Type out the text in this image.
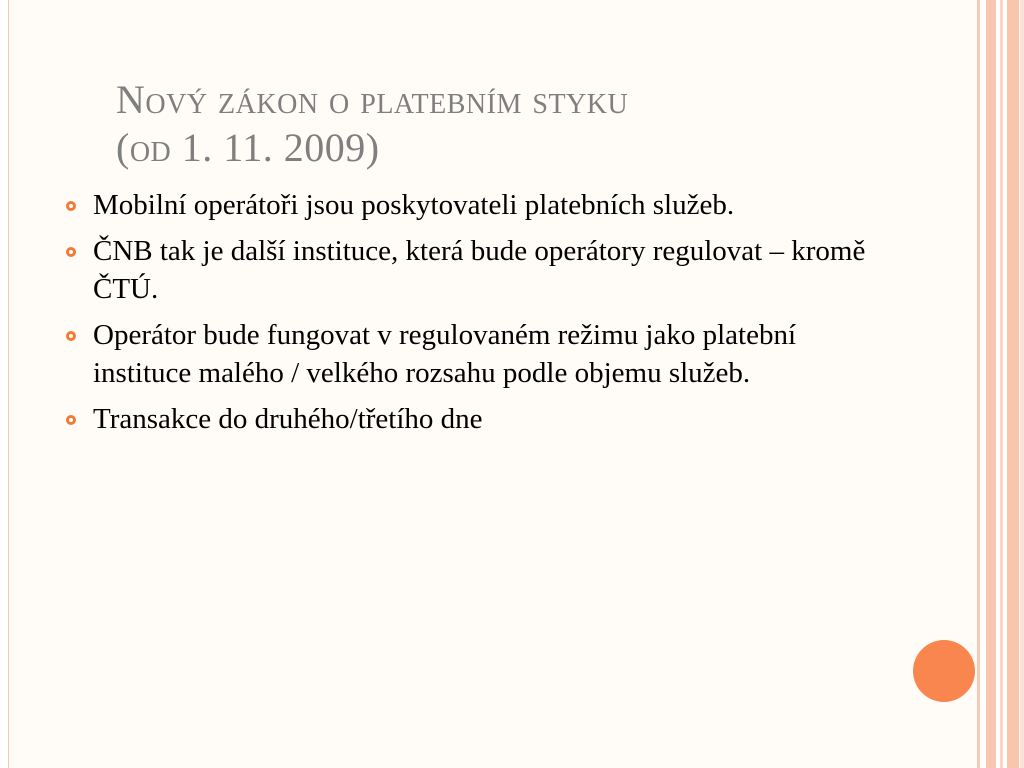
Nový zákon o platebním styku
(od 1. 11. 2009)
Mobilní operátoři jsou poskytovateli platebních služeb.
ČNB tak je další instituce, která bude operátory regulovat – kromě ČTÚ.
Operátor bude fungovat v regulovaném režimu jako platební instituce malého / velkého rozsahu podle objemu služeb.
Transakce do druhého/třetího dne
